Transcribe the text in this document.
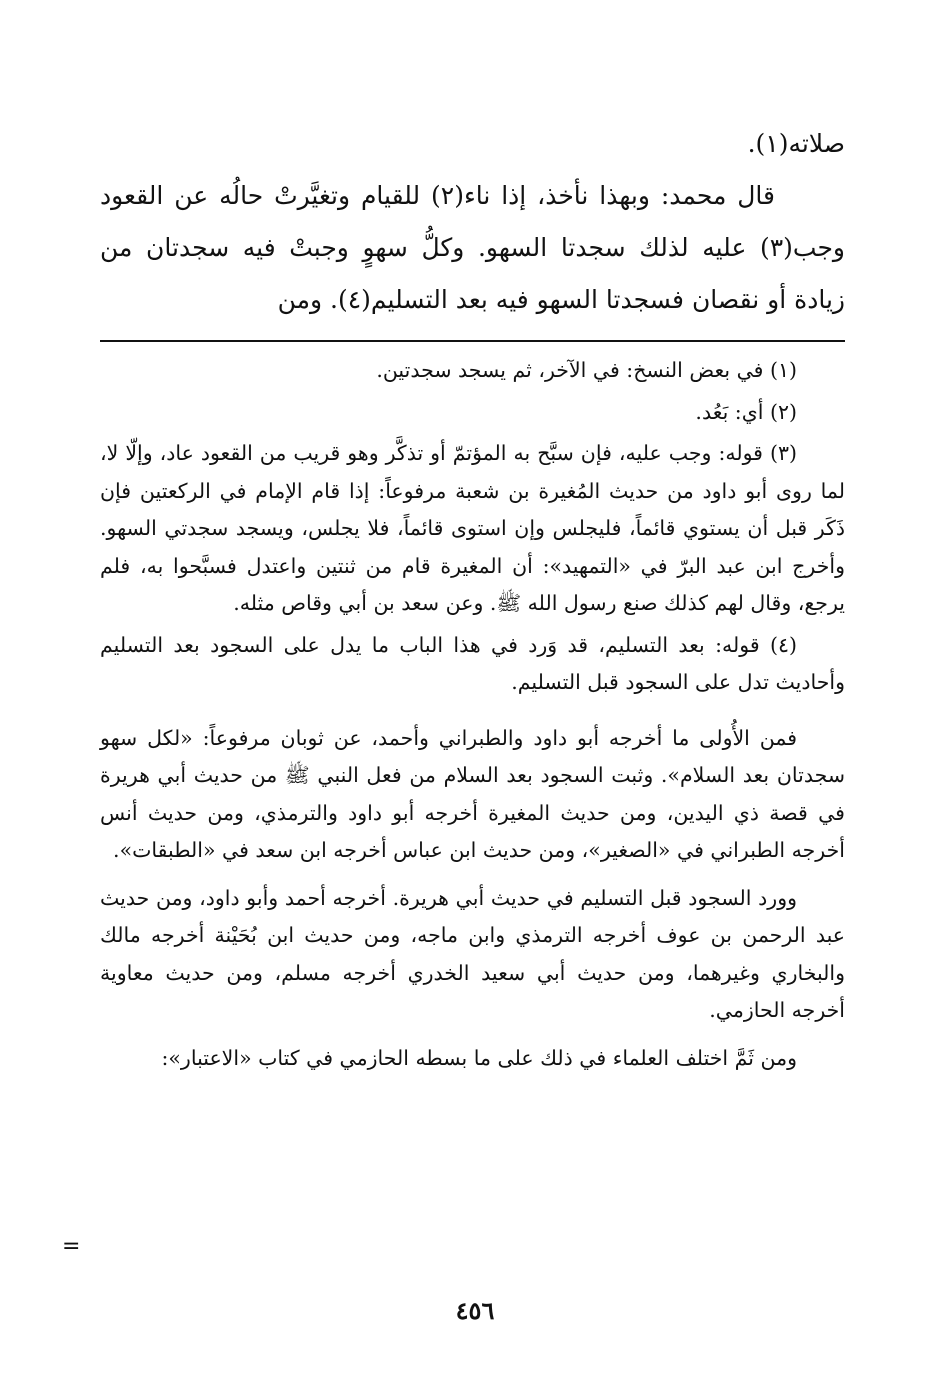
صلاته(١).

قال محمد: وبهذا نأخذ، إذا ناء(٢) للقيام وتغيَّرتْ حالُه عن القعود وجب(٣) عليه لذلك سجدتا السهو. وكلُّ سهوٍ وجبتْ فيه سجدتان من زيادة أو نقصان فسجدتا السهو فيه بعد التسليم(٤). ومن

(١) في بعض النسخ: في الآخر، ثم يسجد سجدتين.

(٢) أي: بَعُد.

(٣) قوله: وجب عليه، فإن سبَّح به المؤتمّ أو تذكَّر وهو قريب من القعود عاد، وإلّا لا، لما روى أبو داود من حديث المُغيرة بن شعبة مرفوعاً: إذا قام الإمام في الركعتين فإن ذَكَر قبل أن يستوي قائماً، فليجلس وإن استوى قائماً، فلا يجلس، ويسجد سجدتي السهو. وأخرج ابن عبد البرّ في «التمهيد»: أن المغيرة قام من ثنتين واعتدل فسبَّحوا به، فلم يرجع، وقال لهم كذلك صنع رسول الله ﷺ. وعن سعد بن أبي وقاص مثله.

(٤) قوله: بعد التسليم، قد وَرد في هذا الباب ما يدل على السجود بعد التسليم وأحاديث تدل على السجود قبل التسليم.

فمن الأُولى ما أخرجه أبو داود والطبراني وأحمد، عن ثوبان مرفوعاً: «لكل سهو سجدتان بعد السلام». وثبت السجود بعد السلام من فعل النبي ﷺ من حديث أبي هريرة في قصة ذي اليدين، ومن حديث المغيرة أخرجه أبو داود والترمذي، ومن حديث أنس أخرجه الطبراني في «الصغير»، ومن حديث ابن عباس أخرجه ابن سعد في «الطبقات».

وورد السجود قبل التسليم في حديث أبي هريرة. أخرجه أحمد وأبو داود، ومن حديث عبد الرحمن بن عوف أخرجه الترمذي وابن ماجه، ومن حديث ابن بُحَيْنة أخرجه مالك والبخاري وغيرهما، ومن حديث أبي سعيد الخدري أخرجه مسلم، ومن حديث معاوية أخرجه الحازمي.

ومن ثَمَّ اختلف العلماء في ذلك على ما بسطه الحازمي في كتاب «الاعتبار»:

=
٤٥٦
